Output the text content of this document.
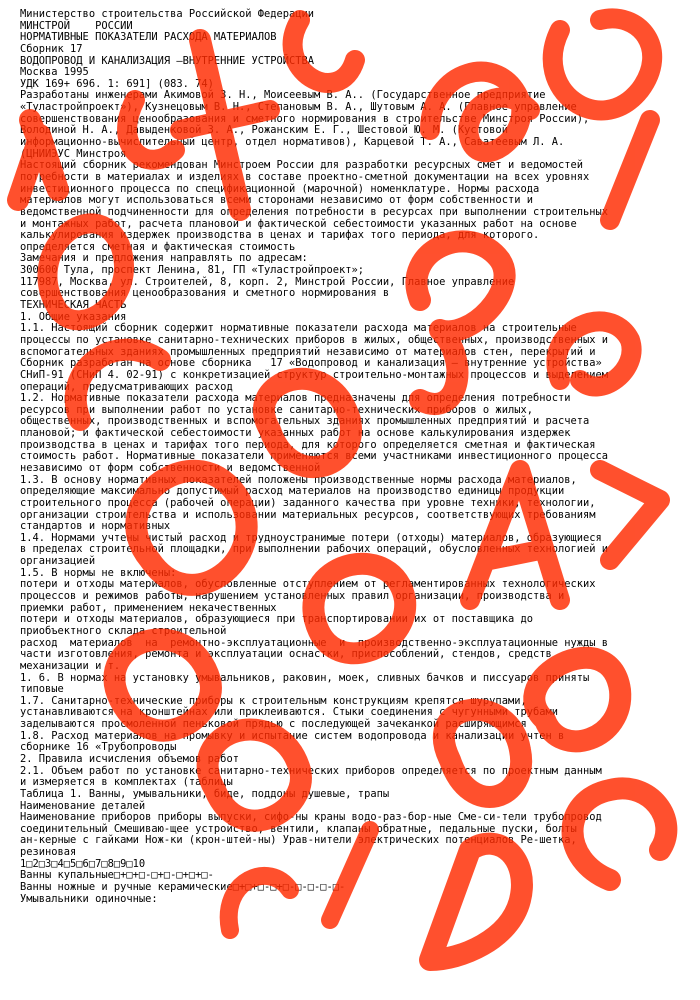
Министерство строительства Российской Федерации
МИНСТРОЙ    РОССИИ
НОРМАТИВНЫЕ ПОКАЗАТЕЛИ РАСХОДА МАТЕРИАЛОВ
Сборник 17
ВОДОПРОВОД И КАНАЛИЗАЦИЯ –ВНУТРЕННИЕ УСТРОЙСТВА
Москва 1995
УДК 169+ 696. 1: 691] (083. 74)
Разработаны инженерами Акимовой З. Н., Моисеевым В. А.. (Государственное предприятие
«Туластройпроект»), Кузнецовым В. Н., Степановым В. А., Шутовым А. А. (Главное управление
совершенствования ценообразования и сметного нормирования в строительстве Минстроя России),
Володиной Н. А., Давыденковой З. А., Рожанским Е. Г., Шестовой Ю. М. (Кустовой
информационно-вычислительный центр, отдел нормативов), Карцевой Т. А., Саватеевым Л. А.
(ЦНИИЭУС Минстроя
Настоящий сборник рекомендован Минстроем России для разработки ресурсных смет и ведомостей
потребности в материалах и изделиях в составе проектно-сметной документации на всех уровнях
инвестиционного процесса по спецификационной (марочной) номенклатуре. Нормы расхода
материалов могут использоваться всеми сторонами независимо от форм собственности и
ведомственной подчиненности для определения потребности в ресурсах при выполнении строительных
и монтажных работ, расчета плановой и фактической себестоимости указанных работ на основе
калькулирования издержек производства в ценах и тарифах того периода, для которого.
определяется сметная и фактическая стоимость
Замечания и предложения направлять по адресам:
300600 Тула, проспект Ленина, 81, ГП «Туластройпроект»;
117987, Москва, ул. Строителей, 8, корп. 2, Минстрой России, Главное управление
совершенствования ценообразования и сметного нормирования в
ТЕХНИЧЕСКАЯ ЧАСТЬ
1. Общие указания
1.1. Настоящий сборник содержит нормативные показатели расхода материалов на строительные
процессы по установке санитарно-технических приборов в жилых, общественных, производственных и
вспомогательных зданиях промышленных предприятий независимо от материалов стен, перекрытий и
Сборник разработан на основе сборника   17 «Водопровод и канализация – внутренние устройства»
СНиП-91 (СНиП 4. 02-91) с конкретизацией структур строительно-монтажных процессов и выделением
операций, предусматривающих расход
1.2. Нормативные показатели расхода материалов предназначены для определения потребности
ресурсов при выполнении работ по установке санитарно-технических приборов о жилых,
общественных, производственных и вспомогательных зданиях промышленных предприятий и расчета
плановой; и фактической себестоимости указанных работ на основе калькулирования издержек
производства в ценах и тарифах того периода, для которого определяется сметная и фактическая
стоимость работ. Нормативные показатели применяются всеми участниками инвестиционного процесса
независимо от форм собственности и ведомственной
1.3. В основу нормативных показателей положены производственные нормы расхода материалов,
определяющие максимально допустимый расход материалов на производство единицы продукции
строительного процесса (рабочей операции) заданного качества при уровне техники, технологии,
организации строительства и использовании материальных ресурсов, соответствующих требованиям
стандартов и нормативных
1.4. Нормами учтены чистый расход и трудноустранимые потери (отходы) материалов, образующиеся
в пределах строительной площадки, при выполнении рабочих операций, обусловленных технологией и
организацией
1.5. В нормы не включены:
потери и отходы материалов, обусловленные отступлением от регламентированных технологических
процессов и режимов работы, нарушением установленных правил организации, производства и
приемки работ, применением некачественных
потери и отходы материалов, образующиеся при транспортировании их от поставщика до
приобъектного склада строительной
расход  материалов  на  ремонтно-эксплуатационные  и  производственно-эксплуатационные нужды в
части изготовления, ремонта и эксплуатации оснастки, приспособлений, стендов, средств
механизации и т.
1. 6. В нормах на установку умывальников, раковин, моек, сливных бачков и писсуаров приняты
типовые
1.7. Санитарно-технические приборы к строительным конструкциям крепятся шурупами,
устанавливаются на кронштейнах или приклеиваются. Стыки соединения с чугунными трубами
заделываются просмоленной пеньковой прядью с последующей зачеканкой расширяющимся
1.8. Расход материалов на промывку и испытание систем водопровода и канализации учтен в
сборнике 16 «Трубопроводы
2. Правила исчисления объемов работ
2.1. Объем работ по установке санитарно-технических приборов определяется по проектным данным
и измеряется в комплектах (таблицы
Таблица 1. Ванны, умывальники, биде, поддоны душевые, трапы
Наименование деталей
Наименование приборов приборы выпуски, сифо-ны краны водо-раз-бор-ные Сме-си-тели трубопровод
соединительный Смешиваю-щее устройство, вентили, клапаны обратные, педальные пуски, болты
ан-керные с гайками Нож-ки (крон-штей-ны) Урав-нители электрических потенциалов Ре-шетка,
резиновая
1□2□3□4□5□6□7□8□9□10
Ванны купальные□+□+□-□+□-□+□+□-
Ванны ножные и ручные керамические□+□+□-□+□-□-□-□-□-
Умывальники одиночные:
